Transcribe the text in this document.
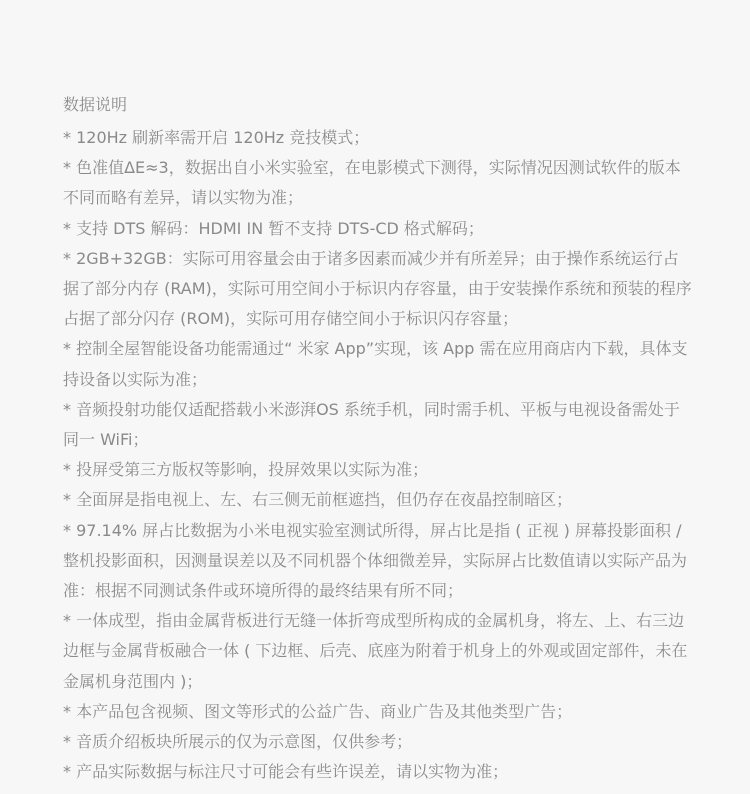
数据说明
* 120Hz 刷新率需开启 120Hz 竞技模式；
* 色准值ΔE≈3，数据出自小米实验室，在电影模式下测得，实际情况因测试软件的版本不同而略有差异，请以实物为准；
* 支持 DTS 解码：HDMI IN 暂不支持 DTS-CD 格式解码；
* 2GB+32GB：实际可用容量会由于诸多因素而减少并有所差异；由于操作系统运行占据了部分内存 (RAM)，实际可用空间小于标识内存容量，由于安装操作系统和预装的程序占据了部分闪存 (ROM)，实际可用存储空间小于标识闪存容量；
* 控制全屋智能设备功能需通过“ 米家 App”实现，该 App 需在应用商店内下载，具体支持设备以实际为准；
* 音频投射功能仅适配搭载小米澎湃OS 系统手机，同时需手机、平板与电视设备需处于同一 WiFi；
* 投屏受第三方版权等影响，投屏效果以实际为准；
* 全面屏是指电视上、左、右三侧无前框遮挡，但仍存在夜晶控制暗区；
* 97.14% 屏占比数据为小米电视实验室测试所得，屏占比是指 ( 正视 ) 屏幕投影面积 / 整机投影面积，因测量误差以及不同机器个体细微差异，实际屏占比数值请以实际产品为准：根据不同测试条件或环境所得的最终结果有所不同；
* 一体成型，指由金属背板进行无缝一体折弯成型所构成的金属机身，将左、上、右三边边框与金属背板融合一体 ( 下边框、后壳、底座为附着于机身上的外观或固定部件，未在金属机身范围内 )；
* 本产品包含视频、图文等形式的公益广告、商业广告及其他类型广告；
* 音质介绍板块所展示的仅为示意图，仅供参考；
* 产品实际数据与标注尺寸可能会有些许误差，请以实物为准；
